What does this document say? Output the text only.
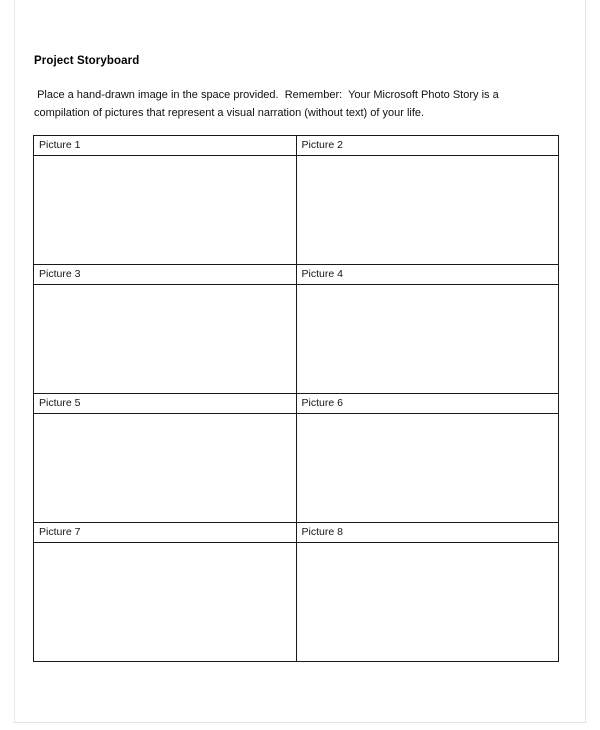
Project Storyboard
Place a hand-drawn image in the space provided.  Remember:  Your Microsoft Photo Story is a compilation of pictures that represent a visual narration (without text) of your life.
Picture 1	Picture 2

Picture 3	Picture 4

Picture 5	Picture 6

Picture 7	Picture 8
